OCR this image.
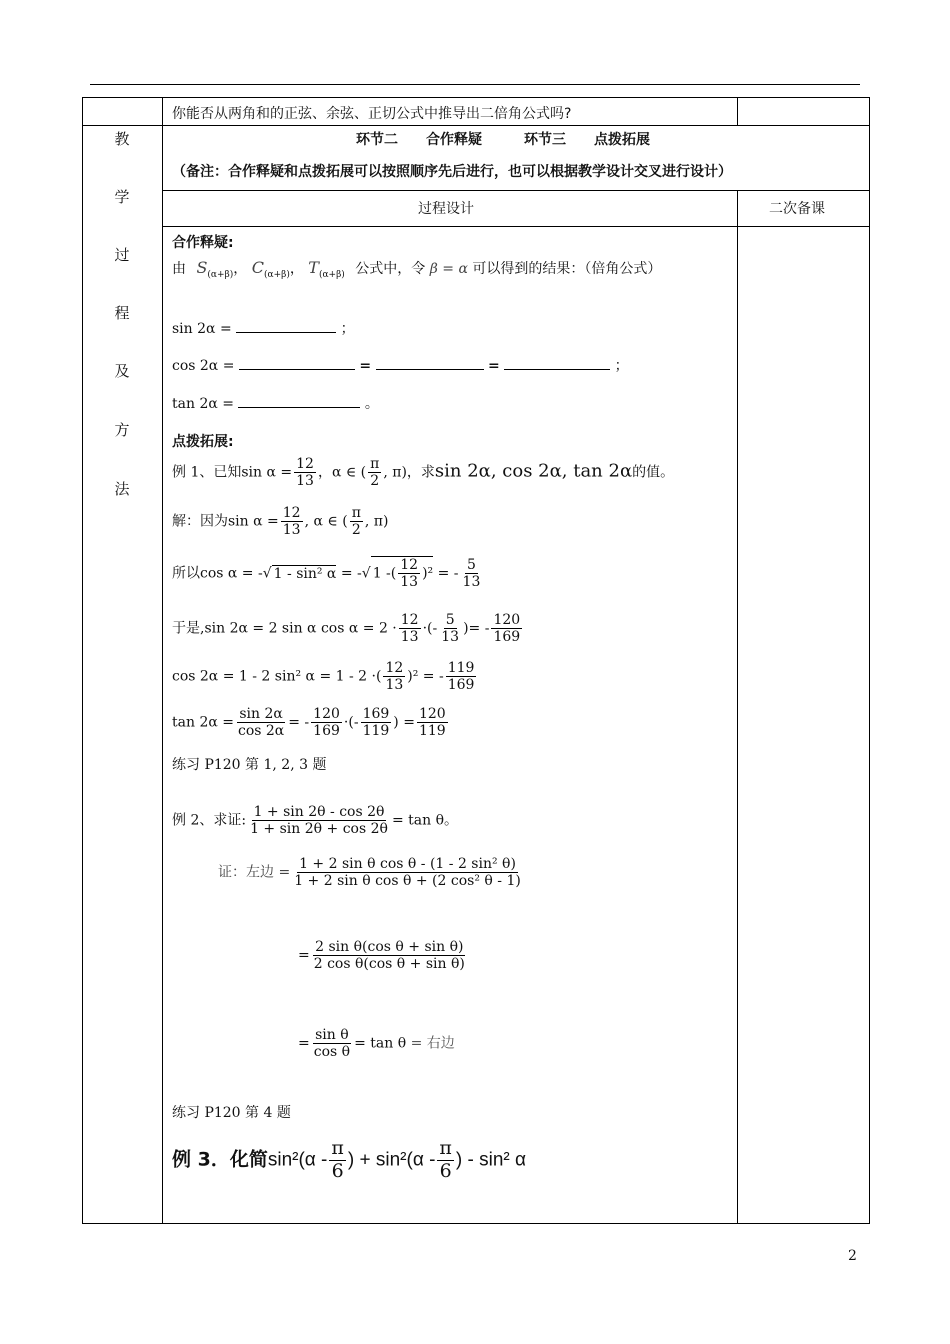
你能否从两角和的正弦、余弦、正切公式中推导出二倍角公式吗?
教
学
过
程
及
方
法
环节二　　合作释疑　　　环节三　　点拨拓展
（备注：合作释疑和点拨拓展可以按照顺序先后进行，也可以根据教学设计交叉进行设计）
过程设计	二次备课
合作释疑:
由 $S_{(\alpha+\beta)}$， $C_{(\alpha+\beta)}$， $T_{(\alpha+\beta)}$ 公式中，令 β = α 可以得到的结果：（倍角公式）
sin 2α =	；
cos 2α =	=	=	；
tan 2α =	。
点拨拓展:
例 1、已知$\sin \alpha = \frac{12}{13}$ ，α ∈ ( $\frac{\pi}{2}$ , π)，求sin 2α, cos 2α, tan 2α的值。
解：因为$\sin \alpha = \frac{12}{13}$ , α ∈ ( $\frac{\pi}{2}$ , π)
所以cos α = -√ 1 - sin² α = -√ 1 -( $\frac{12}{13} )^2$ = - $\frac{5}{13}$
于是,sin 2α = 2 sin α $\cos \alpha = 2 \cdot \frac{12}{13}$ ·(- $\frac{5}{13}$ )= - $\frac{120}{169}$
cos 2α = 1 - 2 sin² α = 1 - 2 ·( $\frac{12}{13} )^2$ = - $\frac{119}{169}$
$\tan 2\alpha = \frac{\sin 2\alpha}{\cos 2\alpha}$ = - $\frac{120}{169}$ ·(- $\frac{169}{119}$ ) = $\frac{120}{119}$
练习 P120 第 1, 2, 3 题
例 2、求证: $\frac{1 + \sin 2\theta - \cos 2\theta}{1 + \sin 2\theta + \cos 2\theta} = \tan \theta$。
证：左边 = $\frac{\text{1 + 2 sin θ cos θ - (1 - 2 sin² θ)}}{\text{1 + 2 sin θ cos θ + (2 cos² θ - 1)}}$
= $\frac{\text{2 sin θ(cos θ + sin θ)}}{\text{2 cos θ(cos θ + sin θ)}}$
= $\frac{\text{sin θ}}{\text{cos θ}} = \tan \theta$ = 右边
练习 P120 第 4 题
例 3．化简$\sin^2(\alpha - \frac{\pi}{6}$ ) + $\sin^2(\alpha - \frac{\pi}{6}$ ) - sin² α
2
